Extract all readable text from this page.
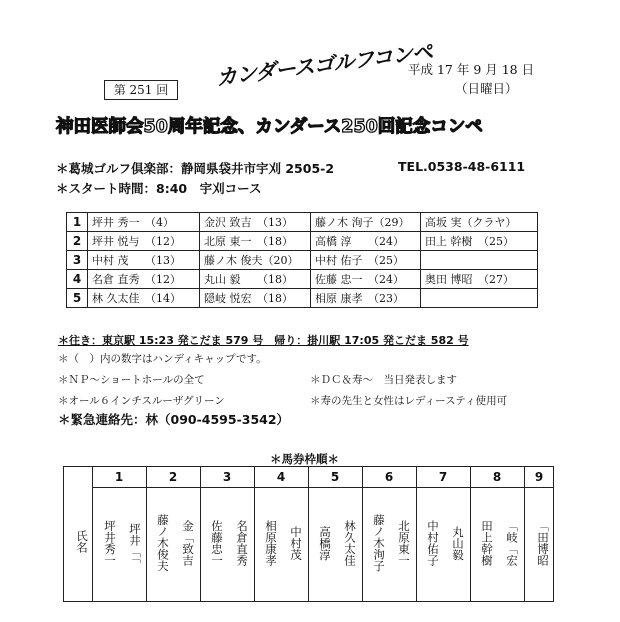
第 251 回	カンダースゴルフコンペ
平成 17 年 9 月 18 日
（日曜日）
神田医師会50周年記念、カンダース250回記念コンペ
＊葛城ゴルフ倶楽部：静岡県袋井市宇刈 2505-2	TEL.0538-48-6111
＊スタート時間：8:40　宇刈コース
1	坪井 秀一　（4）	金沢 致吉　（13）	藤ノ木 洵子（29）	高坂 実（クラヤ）
2	坪井 悦与　（12）	北原 東一　（18）	高橋 淳　　（24）	田上 幹樹　（25）
3	中村 茂　　（13）	藤ノ木 俊夫（20）	中村 佑子　（25）	
4	名倉 直秀　（12）	丸山 毅　　（18）	佐藤 忠一　（24）	奥田 博昭　（27）
5	林 久太佳　（14）	隠岐 悦宏　（18）	相原 康孝　（23）	
＊往き：東京駅 15:23 発こだま 579 号　帰り：掛川駅 17:05 発こだま 582 号
＊（　）内の数字はハンディキャップです。
＊ＮＰ～ショートホールの全て
＊オール６インチスルーザグリーン
＊ＤＣ＆寿～　当日発表します
＊寿の先生と女性はレディースティ使用可
＊緊急連絡先：林（090-4595-3542）
＊馬券枠順＊
氏名
1
坪井秀一 坪井「「
2
藤ノ木俊夫 金「致吉
3
佐藤忠一 名倉直秀
4
相原康孝 中村茂
5
高橋淳 林久太佳
6
藤ノ木洵子 北原東一
7
中村佑子 丸山毅
8
田上幹樹 「岐「宏
9
「田博昭
